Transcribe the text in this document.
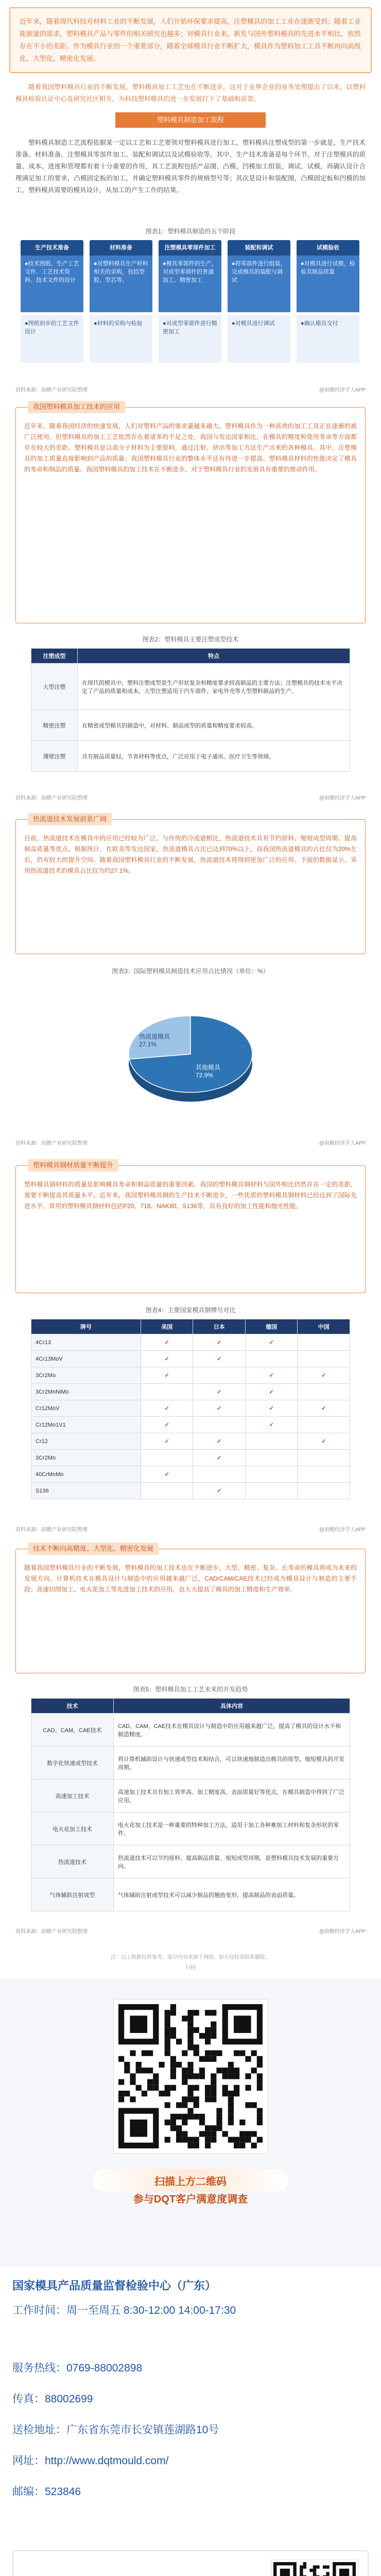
近年来，随着现代科技对材料工业的不断发展，人们开始环保要求提高，注塑模具的加工工业在逐渐受到；随着工业能源量的需求，塑料模具产品与零件的相关研究也越多；对模具行业来，新发与国外塑料模具的先进水平相比，依然存在不小的差距。作为模具行业的一个重要部分，随着全球模具行业不断扩大，模具作为塑料加工工具不断再向高级化、大型化、精密化发展。
随着我国塑料模具行业的不断发展，塑料模具加工工艺也在不断进步，这对于业界企业的业务处理提出了以来，以塑料模具检验认证中心及研究社区相关，为科技塑料模具的进一步发展打下了基础和前景。
塑料模具制造加工流程
塑料模具制造工艺流程依据某一定以工艺和工艺要领对塑料模具进行加工，塑料模具注塑成型的第一步就是，生产技术准备、材料准备、注塑模具零部件加工、装配和调试以及试模验收等。其中，生产技术准备是每个环节，对于注塑模具的质量、成本、进度和管理都有着十分重要的作用，其工艺流程包括产品图、凸模、凹模加工组装、调试、试模，再确认设计合理满足加工的要求，凸模固定板的加工，并确定塑料模具零件的规格型号等；其次是设计和装配图，凸模固定板和凹模的加工，塑料模具需要的模具设计，从加工的产生工作的结果。
图表1：塑料模具制造的五个阶段
生产技术准备
●技术图纸、生产工艺文件、工艺技术资料、技术文件的设计
●图纸初步的工艺文件设计
材料准备
●对塑料模具生产材料相关的采购，包括型腔、型芯等。
●材料的采购与检验
注塑模具零部件加工
●模具零部件的生产，对成型零部件的普通加工、精密加工
●对成型零部件进行精密加工
装配和调试
●将零部件进行组装，完成模具的装配与调试
●对模具进行调试
试模验收
●对模具进行试模，检验其制品质量
●确认模具交付
资料来源：前瞻产业研究院整理	@前瞻经济学人APP

近年来，随着我国经济的快速发展，人们对塑料产品的需求量越来越大，塑料模具作为一种高效的加工工具正在逐渐的被广泛使用。但塑料模具的加工工艺依然存在着诸多的不足之处，我国与发达国家相比，在模具的精度和使用寿命等方面都存在较大的差距。塑料模具是以高分子材料为主要原料，通过注射、挤出等加工方法生产出来的各种模具。其中，注塑模具的加工质量直接影响到产品的质量；我国塑料模具行业的整体水平还有待进一步提高。塑料模具材料的性能决定了模具的寿命和制品的质量。我国塑料模具的加工技术在不断进步，对于塑料模具行业的发展具有重要的推动作用。

我国塑料模具加工技术的应用
图表2：塑料模具主要注塑成型技术
注塑成型	特点
大型注塑	在现代的模具中，塑料注塑成型是生产形状复杂和精度要求较高制品的主要方法；注塑模具的技术水平决定了产品的质量和成本，大型注塑适用于汽车部件、家电外壳等大型塑料制品的生产。
精密注塑	在精密成型模具的制造中，对材料、制品成型的质量和精度要求较高。
薄壁注塑	具有制品质量轻，节省材料等优点，广泛应用于电子通讯、医疗卫生等领域。
资料来源：前瞻产业研究院整理	@前瞻经济学人APP

目前，热流道技术在模具中的应用已经较为广泛，与传统的冷流道相比，热流道技术具有节约原料、缩短成型周期、提高制品质量等优点。根据统计，在欧美等发达国家，热流道模具占比已达到70%以上，而我国热流道模具的占比仅为20%左右，仍有较大的提升空间。随着我国塑料模具行业的不断发展，热流道技术将得到更加广泛的应用。下面的数据显示，采用热流道技术的模具占比仅为约27.1%。

热流道技术发展前景广阔
图表3：国际塑料模具制造技术应用占比情况（单位：%）
热流道模具 27.1%
其他模具 72.9%
资料来源：前瞻产业研究院整理	@前瞻经济学人APP

塑料模具钢材料的质量是影响模具寿命和制品质量的重要因素。我国的塑料模具钢材料与国外相比仍然存在一定的差距，需要不断提高其质量水平。近年来，我国塑料模具钢的生产技术不断进步，一些优质的塑料模具钢材料已经达到了国际先进水平。常用的塑料模具钢材料包括P20、718、NAK80、S136等，具有良好的加工性能和抛光性能。

塑料模具钢材质量不断提升
图表4：主要国家模具钢牌号对比
牌号	美国	日本	德国	中国
4Cr13	✓	✓	✓	
4Cr13MoV	✓	✓		
3Cr2Mo	✓		✓	✓
3Cr2MnNiMo		✓	✓	
Cr12MoV	✓	✓	✓	✓
Cr12Mo1V1	✓		✓	
Cr12	✓	✓		✓
3Cr2Mo		✓		
40CrMnMo	✓			
S136		✓		
资料来源：前瞻产业研究院整理	@前瞻经济学人APP

随着我国塑料模具行业的不断发展，塑料模具的加工技术也在不断进步，大型、精密、复杂、长寿命的模具将成为未来的发展方向。计算机技术在模具设计与制造中的应用越来越广泛，CAD/CAM/CAE技术已经成为模具设计与制造的主要手段；高速切削加工、电火花加工等先进加工技术的应用，也大大提高了模具的加工精度和生产效率。

技术不断向高精度、大型化、精密化发展
图表5：塑料模具加工工艺未来的开发趋势
技术	具体内容
CAD、CAM、CAE技术	CAD、CAM、CAE技术在模具设计与制造中的应用越来越广泛，提高了模具的设计水平和制造精度。
数字化快速成型技术	将计算机辅助设计与快速成型技术相结合，可以快速地制造出模具的原型，缩短模具的开发周期。
高速加工技术	高速加工技术具有加工效率高、加工精度高、表面质量好等优点，在模具制造中得到了广泛应用。
电火花加工技术	电火花加工技术是一种重要的特种加工方法，适用于加工各种难加工材料和复杂形状的零件。
热流道技术	热流道技术可以节约原料、提高制品质量、缩短成型周期，是塑料模具技术发展的重要方向。
气体辅助注射成型	气体辅助注射成型技术可以减少制品的翘曲变形，提高制品的表面质量。
资料来源：前瞻产业研究院整理	@前瞻经济学人APP
注：以上数据仅供参考，部分内容来源于网络，如有侵权请联系删除。
扫码
扫描上方二维码
参与DQT客户满意度调查
国家模具产品质量监督检验中心（广东）
工作时间：周一至周五 8:30-12:00 14:00-17:30
服务热线：0769-88002898
传真：88002699
送检地址：广东省东莞市长安镇莲湖路10号
网址：http://www.dqtmould.com/
邮编：523846
